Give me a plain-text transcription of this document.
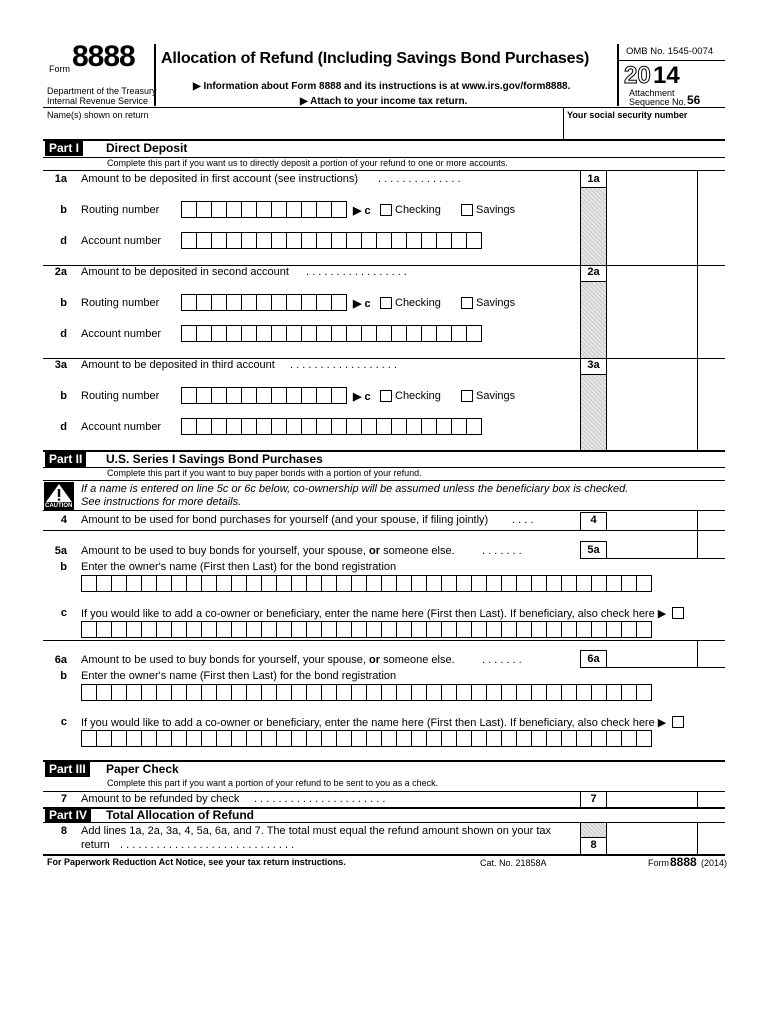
Form 8888
Department of the Treasury
Internal Revenue Service
Allocation of Refund (Including Savings Bond Purchases)
▶ Information about Form 8888 and its instructions is at www.irs.gov/form8888.
▶ Attach to your income tax return.
OMB No. 1545-0074
20 14
Attachment
Sequence No. 56
Name(s) shown on return	Your social security number
Part I	Direct Deposit
Complete this part if you want us to directly deposit a portion of your refund to one or more accounts.
1a Amount to be deposited in first account (see instructions) . . . . . . . . . . . . . .	1a
b Routing number	▶ c Checking	Savings
d Account number
2a Amount to be deposited in second account . . . . . . . . . . . . . . . . .	2a
b Routing number	▶ c Checking	Savings
d Account number
3a Amount to be deposited in third account . . . . . . . . . . . . . . . . . .	3a
b Routing number	▶ c Checking	Savings
d Account number
Part II	U.S. Series I Savings Bond Purchases
Complete this part if you want to buy paper bonds with a portion of your refund.
CAUTION
If a name is entered on line 5c or 6c below, co-ownership will be assumed unless the beneficiary box is checked.
See instructions for more details.
4 Amount to be used for bond purchases for yourself (and your spouse, if filing jointly) . . . .	4
5a Amount to be used to buy bonds for yourself, your spouse, or someone else. . . . . . . .	5a
b Enter the owner's name (First then Last) for the bond registration
c If you would like to add a co-owner or beneficiary, enter the name here (First then Last). If beneficiary, also check here ▶
6a Amount to be used to buy bonds for yourself, your spouse, or someone else. . . . . . . .	6a
b Enter the owner's name (First then Last) for the bond registration
c If you would like to add a co-owner or beneficiary, enter the name here (First then Last). If beneficiary, also check here ▶
Part III	Paper Check
Complete this part if you want a portion of your refund to be sent to you as a check.
7 Amount to be refunded by check . . . . . . . . . . . . . . . . . . . . . .	7
Part IV	Total Allocation of Refund
8 Add lines 1a, 2a, 3a, 4, 5a, 6a, and 7. The total must equal the refund amount shown on your tax
return . . . . . . . . . . . . . . . . . . . . . . . . . . . . .	8
For Paperwork Reduction Act Notice, see your tax return instructions.	Cat. No. 21858A	Form 8888 (2014)
